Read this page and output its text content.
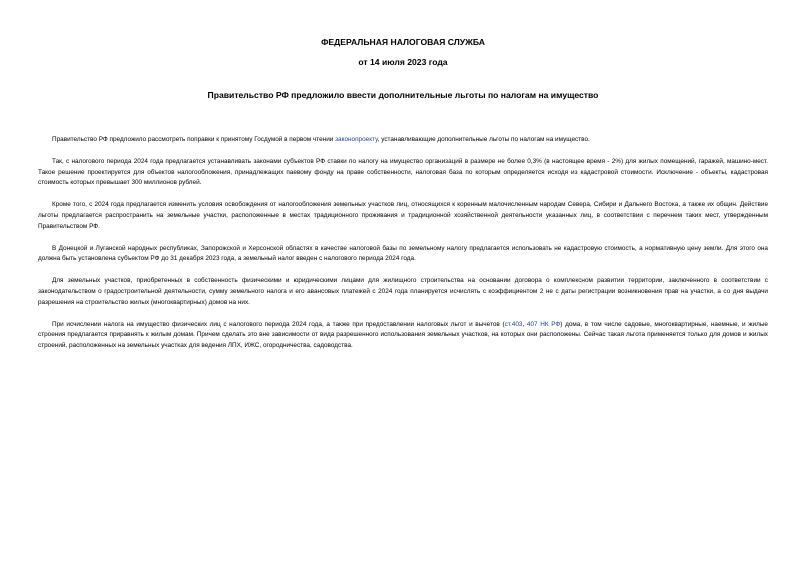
ФЕДЕРАЛЬНАЯ НАЛОГОВАЯ СЛУЖБА
от 14 июля 2023 года
Правительство РФ предложило ввести дополнительные льготы по налогам на имущество

Правительство РФ предложило рассмотреть поправки к принятому Госдумой в первом чтении законопроекту, устанавливающие дополнительные льготы по налогам на имущество.

Так, с налогового периода 2024 года предлагается устанавливать законами субъектов РФ ставки по налогу на имущество организаций в размере не более 0,3% (в настоящее время - 2%) для жилых помещений, гаражей, машино-мест. Такое решение проектируется для объектов налогообложения, принадлежащих паевому фонду на праве собственности, налоговая база по которым определяется исходя из кадастровой стоимости. Исключение - объекты, кадастровая стоимость которых превышает 300 миллионов рублей.

Кроме того, с 2024 года предлагается изменить условия освобождения от налогообложения земельных участков лиц, относящихся к коренным малочисленным народам Севера, Сибири и Дальнего Востока, а также их общин. Действие льготы предлагается распространить на земельные участки, расположенные в местах традиционного проживания и традиционной хозяйственной деятельности указанных лиц, в соответствии с перечнем таких мест, утвержденным Правительством РФ.

В Донецкой и Луганской народных республиках, Запорожской и Херсонской областях в качестве налоговой базы по земельному налогу предлагается использовать не кадастровую стоимость, а нормативную цену земли. Для этого она должна быть установлена субъектом РФ до 31 декабря 2023 года, а земельный налог введен с налогового периода 2024 года.

Для земельных участков, приобретенных в собственность физическими и юридическими лицами для жилищного строительства на основании договора о комплексном развитии территории, заключенного в соответствии с законодательством о градостроительной деятельности, сумму земельного налога и его авансовых платежей с 2024 года планируется исчислять с коэффициентом 2 не с даты регистрации возникновения прав на участки, а со дня выдачи разрешения на строительство жилых (многоквартирных) домов на них.

При исчислении налога на имущество физических лиц с налогового периода 2024 года, а также при предоставлении налоговых льгот и вычетов (ст.403, 407 НК РФ) дома, в том числе садовые, многоквартирные, наемные, и жилые строения предлагается приравнять к жилым домам. Причем сделать это вне зависимости от вида разрешенного использования земельных участков, на которых они расположены. Сейчас такая льгота применяется только для домов и жилых строений, расположенных на земельных участках для ведения ЛПХ, ИЖС, огородничества, садоводства.
